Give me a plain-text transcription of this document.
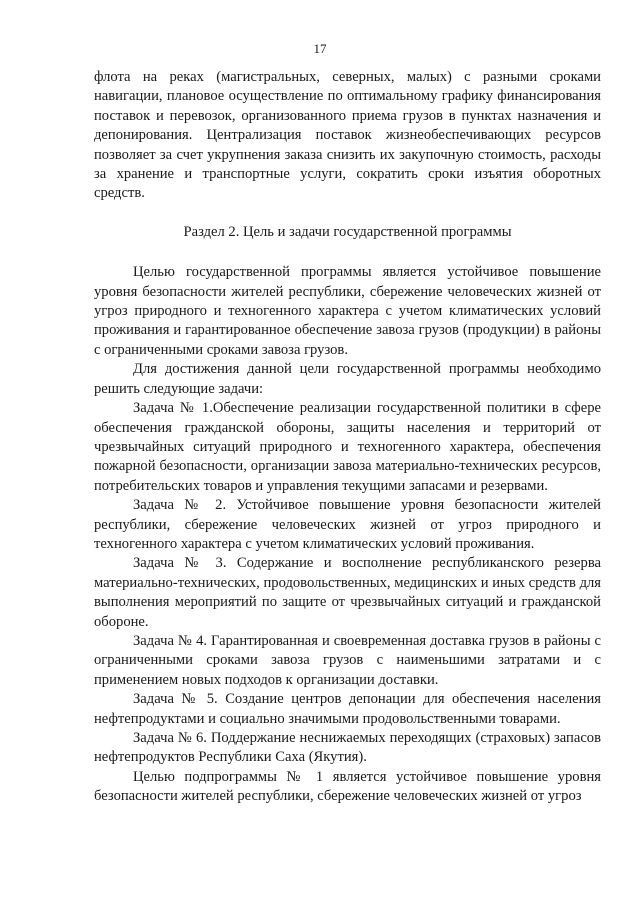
17

флота на реках (магистральных, северных, малых) с разными сроками навигации, плановое осуществление по оптимальному графику финансирования поставок и перевозок, организованного приема грузов в пунктах назначения и депонирования. Централизация поставок жизнеобеспечивающих ресурсов позволяет за счет укрупнения заказа снизить их закупочную стоимость, расходы за хранение и транспортные услуги, сократить сроки изъятия оборотных средств.

Раздел 2. Цель и задачи государственной программы

Целью государственной программы является устойчивое повышение уровня безопасности жителей республики, сбережение человеческих жизней от угроз природного и техногенного характера с учетом климатических условий проживания и гарантированное обеспечение завоза грузов (продукции) в районы с ограниченными сроками завоза грузов.

Для достижения данной цели государственной программы необходимо решить следующие задачи:

Задача № 1.Обеспечение реализации государственной политики в сфере обеспечения гражданской обороны, защиты населения и территорий от чрезвычайных ситуаций природного и техногенного характера, обеспечения пожарной безопасности, организации завоза материально-технических ресурсов, потребительских товаров и управления текущими запасами и резервами.

Задача № 2. Устойчивое повышение уровня безопасности жителей республики, сбережение человеческих жизней от угроз природного и техногенного характера с учетом климатических условий проживания.

Задача № 3. Содержание и восполнение республиканского резерва материально-технических, продовольственных, медицинских и иных средств для выполнения мероприятий по защите от чрезвычайных ситуаций и гражданской обороне.

Задача № 4. Гарантированная и своевременная доставка грузов в районы с ограниченными сроками завоза грузов с наименьшими затратами и с применением новых подходов к организации доставки.

Задача № 5. Создание центров депонации для обеспечения населения нефтепродуктами и социально значимыми продовольственными товарами.

Задача № 6. Поддержание неснижаемых переходящих (страховых) запасов нефтепродуктов Республики Саха (Якутия).

Целью подпрограммы № 1 является устойчивое повышение уровня безопасности жителей республики, сбережение человеческих жизней от угроз
